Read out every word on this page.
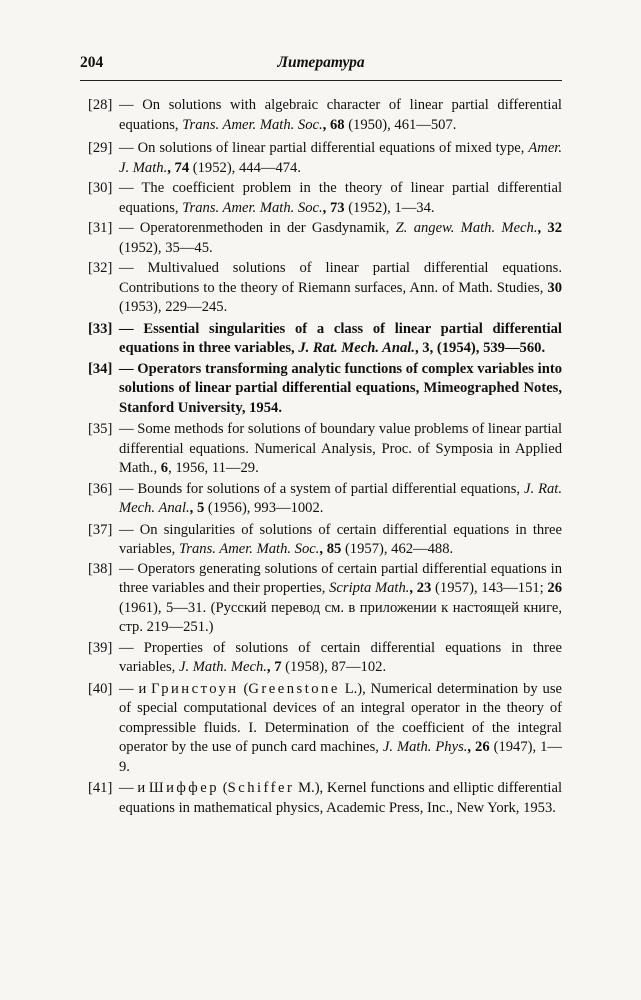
204	Литература
[28] — On solutions with algebraic character of linear partial differential equations, Trans. Amer. Math. Soc., 68 (1950), 461—507.
[29] — On solutions of linear partial differential equations of mixed type, Amer. J. Math., 74 (1952), 444—474.
[30] — The coefficient problem in the theory of linear partial differential equations, Trans. Amer. Math. Soc., 73 (1952), 1—34.
[31] — Operatorenmethoden in der Gasdynamik, Z. angew. Math. Mech., 32 (1952), 35—45.
[32] — Multivalued solutions of linear partial differential equations. Contributions to the theory of Riemann surfaces, Ann. of Math. Studies, 30 (1953), 229—245.
[33] — Essential singularities of a class of linear partial differential equations in three variables, J. Rat. Mech. Anal., 3, (1954), 539—560.
[34] — Operators transforming analytic functions of complex variables into solutions of linear partial differential equations, Mimeographed Notes, Stanford University, 1954.
[35] — Some methods for solutions of boundary value problems of linear partial differential equations. Numerical Analysis, Proc. of Symposia in Applied Math., 6, 1956, 11—29.
[36] — Bounds for solutions of a system of partial differential equations, J. Rat. Mech. Anal., 5 (1956), 993—1002.
[37] — On singularities of solutions of certain differential equations in three variables, Trans. Amer. Math. Soc., 85 (1957), 462—488.
[38] — Operators generating solutions of certain partial differential equations in three variables and their properties, Scripta Math., 23 (1957), 143—151; 26 (1961), 5—31. (Русский перевод см. в приложении к настоящей книге, стр. 219—251.)
[39] — Properties of solutions of certain differential equations in three variables, J. Math. Mech., 7 (1958), 87—102.
[40] — и Гринстоун (Greenstone L.), Numerical determination by use of special computational devices of an integral operator in the theory of compressible fluids. I. Determination of the coefficient of the integral operator by the use of punch card machines, J. Math. Phys., 26 (1947), 1—9.
[41] — и Шиффер (Schiffer M.), Kernel functions and elliptic differential equations in mathematical physics, Academic Press, Inc., New York, 1953.
